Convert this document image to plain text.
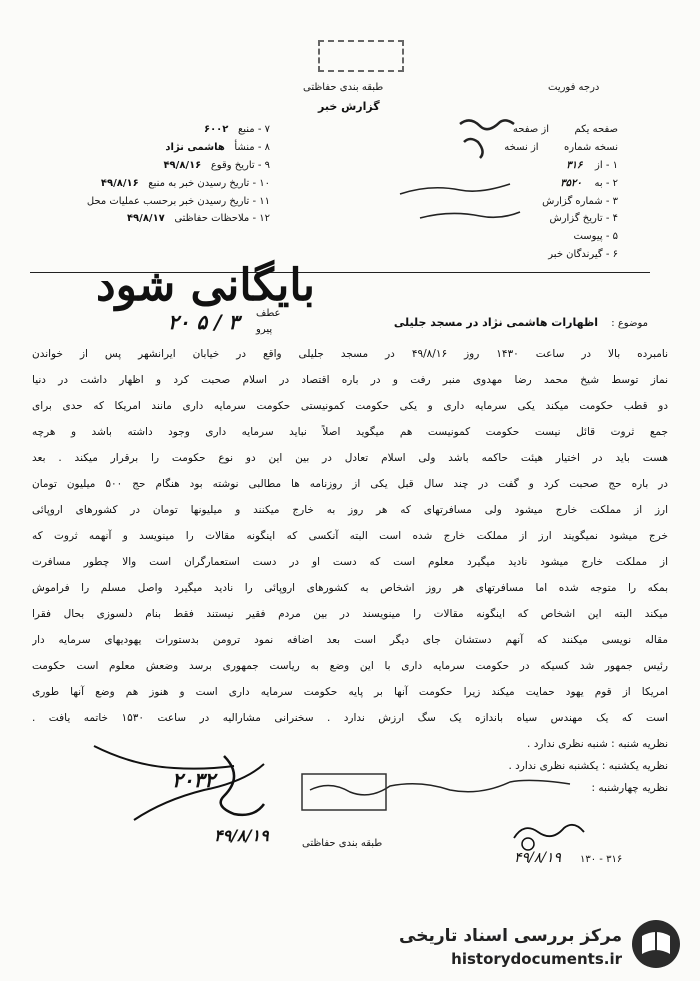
درجه فوریت
طبقه بندی حفاظتی
گزارش خبر
۷ - منبع   ۶۰۰۲
۸ - منشأ   هاشمی نژاد
۹ - تاریخ وقوع   ۴۹/۸/۱۶
۱۰ - تاریخ رسیدن خبر به منبع   ۴۹/۸/۱۶
۱۱ - تاریخ رسیدن خبر برحسب عملیات محل
۱۲ - ملاحظات حفاظتی   ۴۹/۸/۱۷
صفحه یکم        از صفحه
نسخه شماره        از نسخه
۱ - از    ۳۱۶
۲ - به    ۳۵۲۰
۳ - شماره گزارش
۴ - تاریخ گزارش
۵ - پیوست
۶ - گیرندگان خبر
بایگانی شود
عطف
پیرو
۲۰ ۵ / ۳	موضوع :
اظهارات هاشمی نژاد در مسجد جلیلی
نامبرده بالا در ساعت ۱۴۳۰ روز ۴۹/۸/۱۶ در مسجد جلیلی واقع در خیابان ایرانشهر پس از خواندن
نماز توسط شیخ محمد رضا مهدوی منبر رفت و در باره اقتصاد در اسلام صحبت کرد و اظهار داشت در دنیا
دو قطب حکومت میکند یکی سرمایه داری و یکی حکومت کمونیستی حکومت سرمایه داری مانند امریکا که حدی برای
جمع ثروت قائل نیست حکومت کمونیست هم میگوید اصلاً نباید سرمایه داری وجود داشته باشد و هرچه
هست باید در اختیار هیئت حاکمه باشد ولی اسلام تعادل در بین این دو نوع حکومت را برقرار میکند . بعد
در باره حج صحبت کرد و گفت در چند سال قبل یکی از روزنامه ها مطالبی نوشته بود هنگام حج ۵۰۰ میلیون تومان
ارز از مملکت خارج میشود ولی مسافرتهای که هر روز به خارج میکنند و میلیونها تومان در کشورهای اروپائی
خرج میشود نمیگویند ارز از مملکت خارج شده است البته آنکسی که اینگونه مقالات را مینویسد و آنهمه ثروت که
از مملکت خارج میشود نادید میگیرد معلوم است که دست او در دست استعمارگران است والا چطور مسافرت
بمکه را متوجه شده اما مسافرتهای هر روز اشخاص به کشورهای اروپائی را نادید میگیرد واصل مسلم را فراموش
میکند البته این اشخاص که اینگونه مقالات را مینویسند در بین مردم فقیر نیستند فقط بنام دلسوزی بحال فقرا
مقاله نویسی میکنند که آنهم دستشان جای دیگر است بعد اضافه نمود ترومن بدستورات یهودیهای سرمایه دار
رئیس جمهور شد کسیکه در حکومت سرمایه داری با این وضع به ریاست جمهوری برسد وضعش معلوم است حکومت
امریکا از قوم یهود حمایت میکند زیرا حکومت آنها بر پایه حکومت سرمایه داری است و هنوز هم وضع آنها طوری
است که یک مهندس سیاه باندازه یک سگ ارزش ندارد . سخنرانی مشارالیه در ساعت ۱۵۳۰ خاتمه یافت .
نظریه شنبه : شنبه نظری ندارد .
نظریه یکشنبه : یکشنبه نظری ندارد .
نظریه چهارشنبه :
۲۰۳۲
۴۹/۸/۱۹	طبقه بندی حفاظتی
۴۹/۸/۱۹ ۳۱۶ - ۱۳۰
مرکز بررسی اسناد تاریخی
historydocuments.ir
